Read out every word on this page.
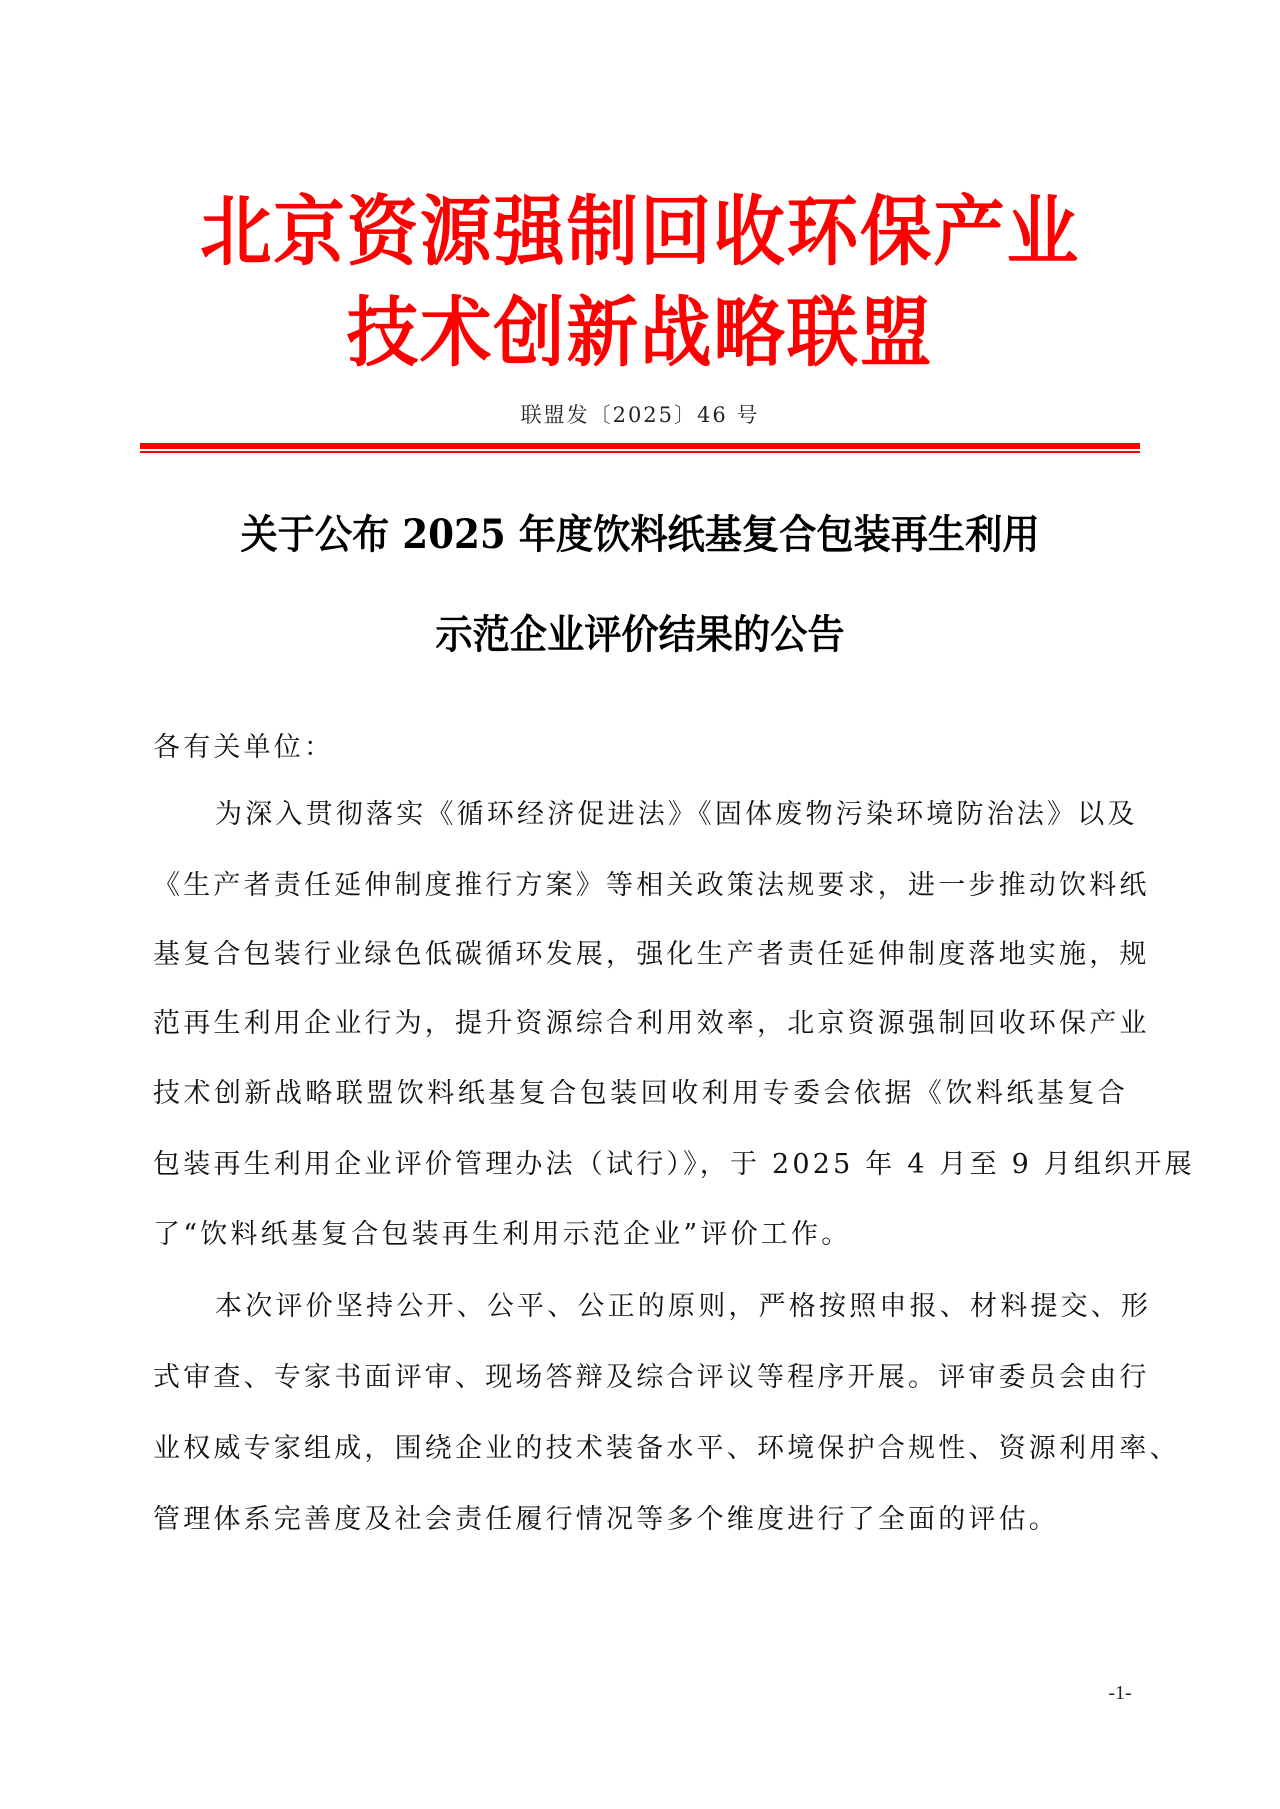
北京资源强制回收环保产业
技术创新战略联盟
联盟发〔2025〕46 号
关于公布 2025 年度饮料纸基复合包装再生利用
示范企业评价结果的公告
各有关单位：
为深入贯彻落实《循环经济促进法》《固体废物污染环境防治法》以及
《生产者责任延伸制度推行方案》等相关政策法规要求，进一步推动饮料纸
基复合包装行业绿色低碳循环发展，强化生产者责任延伸制度落地实施，规
范再生利用企业行为，提升资源综合利用效率，北京资源强制回收环保产业
技术创新战略联盟饮料纸基复合包装回收利用专委会依据《饮料纸基复合
包装再生利用企业评价管理办法（试行）》，于 2025 年 4 月至 9 月组织开展
了“饮料纸基复合包装再生利用示范企业”评价工作。
本次评价坚持公开、公平、公正的原则，严格按照申报、材料提交、形
式审查、专家书面评审、现场答辩及综合评议等程序开展。评审委员会由行
业权威专家组成，围绕企业的技术装备水平、环境保护合规性、资源利用率、
管理体系完善度及社会责任履行情况等多个维度进行了全面的评估。
-1-
